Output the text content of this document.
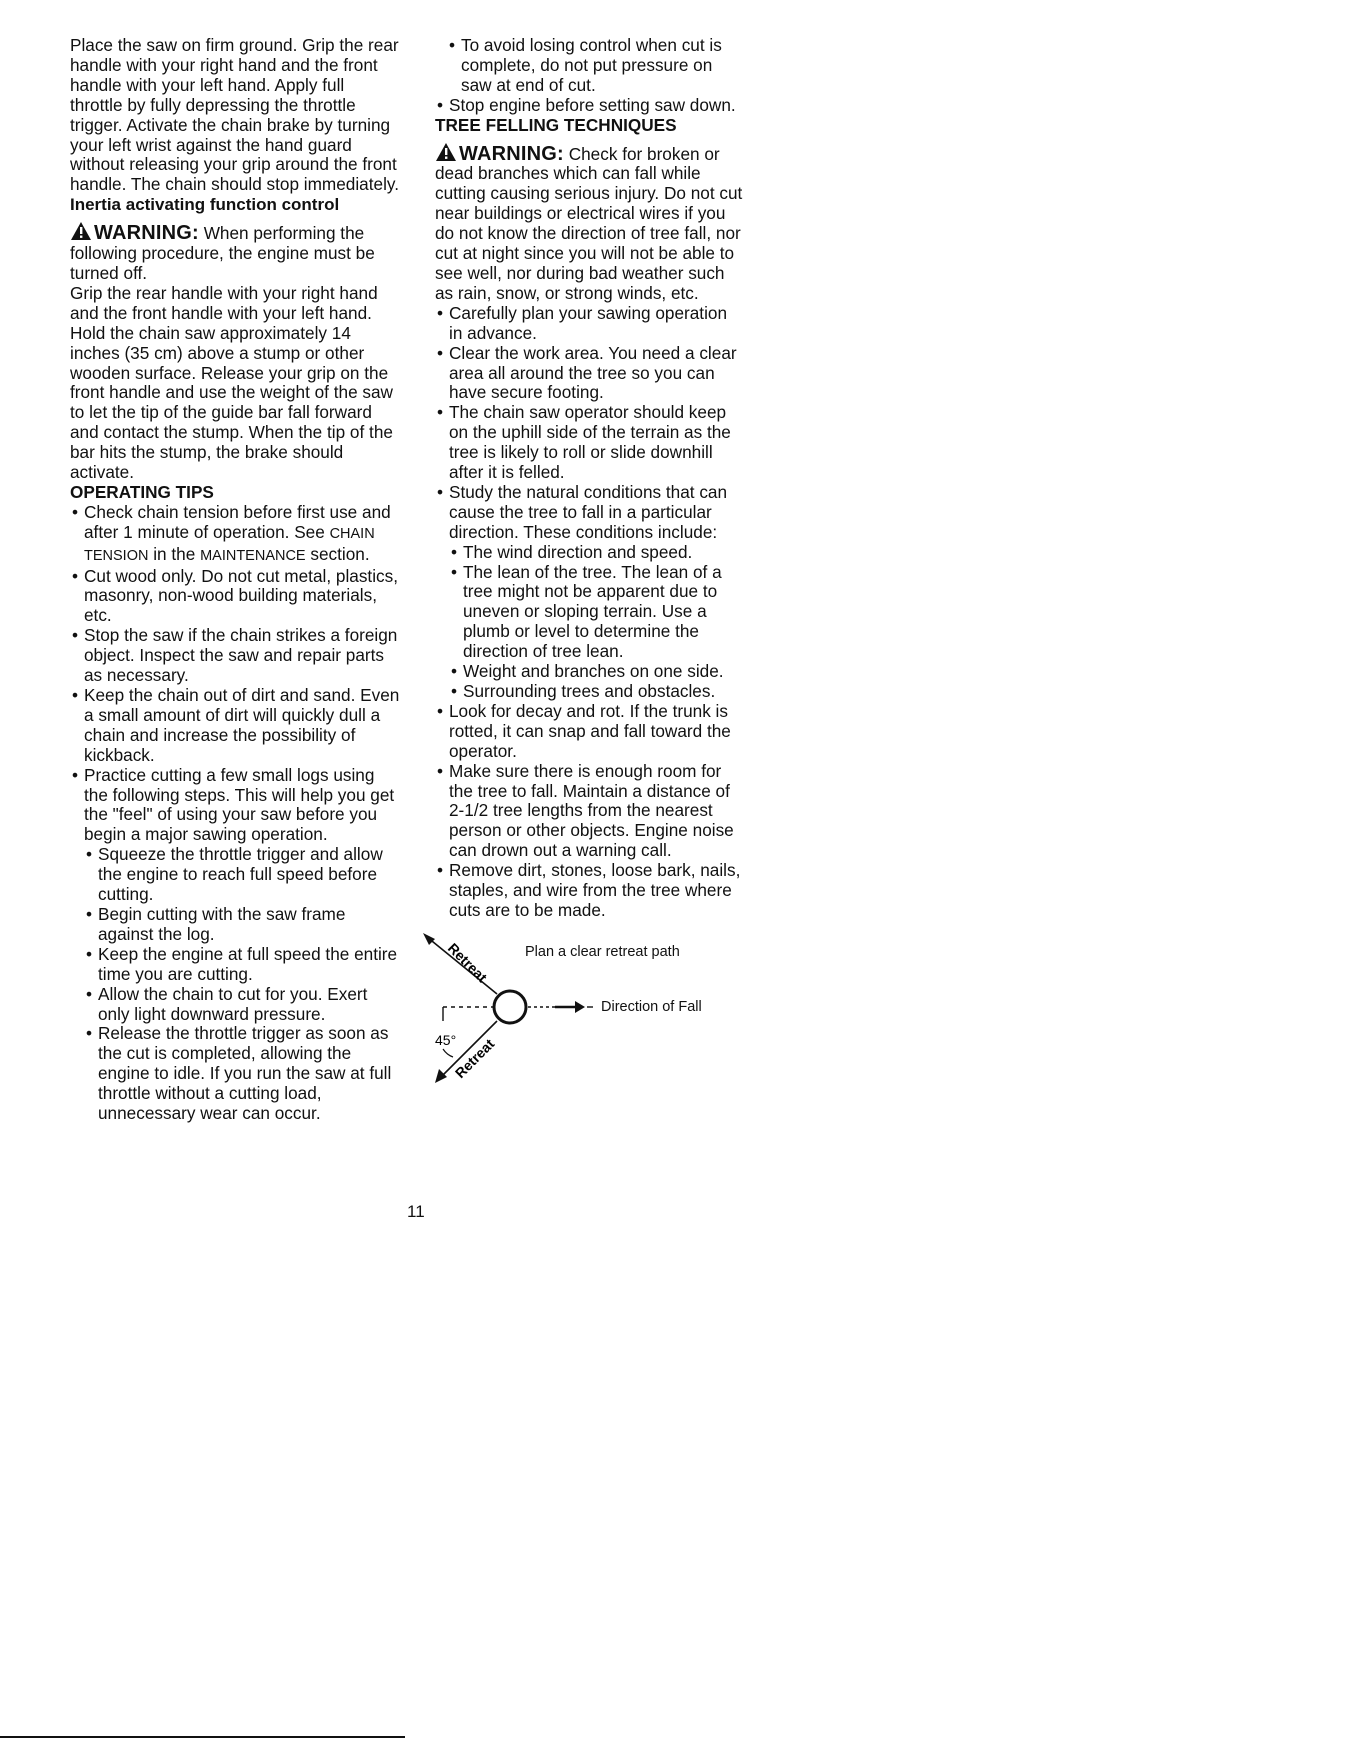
Place the saw on firm ground. Grip the rear handle with your right hand and the front handle with your left hand. Apply full throttle by fully depressing the throttle trigger. Activate the chain brake by turning your left wrist against the hand guard without releasing your grip around the front handle. The chain should stop immediately.

Inertia activating function control

WARNING: When performing the following procedure, the engine must be turned off.

Grip the rear handle with your right hand and the front handle with your left hand. Hold the chain saw approximately 14 inches (35 cm) above a stump or other wooden surface. Release your grip on the front handle and use the weight of the saw to let the tip of the guide bar fall forward and contact the stump. When the tip of the bar hits the stump, the brake should activate.

OPERATING TIPS

• Check chain tension before first use and after 1 minute of operation. See CHAIN TENSION in the MAINTENANCE section.
• Cut wood only. Do not cut metal, plastics, masonry, non-wood building materials, etc.
• Stop the saw if the chain strikes a foreign object. Inspect the saw and repair parts as necessary.
• Keep the chain out of dirt and sand. Even a small amount of dirt will quickly dull a chain and increase the possibility of kickback.
• Practice cutting a few small logs using the following steps. This will help you get the "feel" of using your saw before you begin a major sawing operation.
• Squeeze the throttle trigger and allow the engine to reach full speed before cutting.
• Begin cutting with the saw frame against the log.
• Keep the engine at full speed the entire time you are cutting.
• Allow the chain to cut for you. Exert only light downward pressure.
• Release the throttle trigger as soon as the cut is completed, allowing the engine to idle. If you run the saw at full throttle without a cutting load, unnecessary wear can occur.
• To avoid losing control when cut is complete, do not put pressure on saw at end of cut.
• Stop engine before setting saw down.

TREE FELLING TECHNIQUES

WARNING: Check for broken or dead branches which can fall while cutting causing serious injury. Do not cut near buildings or electrical wires if you do not know the direction of tree fall, nor cut at night since you will not be able to see well, nor during bad weather such as rain, snow, or strong winds, etc.
• Carefully plan your sawing operation in advance.
• Clear the work area. You need a clear area all around the tree so you can have secure footing.
• The chain saw operator should keep on the uphill side of the terrain as the tree is likely to roll or slide downhill after it is felled.
• Study the natural conditions that can cause the tree to fall in a particular direction. These conditions include:
• The wind direction and speed.
• The lean of the tree. The lean of a tree might not be apparent due to uneven or sloping terrain. Use a plumb or level to determine the direction of tree lean.
• Weight and branches on one side.
• Surrounding trees and obstacles.
• Look for decay and rot. If the trunk is rotted, it can snap and fall toward the operator.
• Make sure there is enough room for the tree to fall. Maintain a distance of 2-1/2 tree lengths from the nearest person or other objects. Engine noise can drown out a warning call.
• Remove dirt, stones, loose bark, nails, staples, and wire from the tree where cuts are to be made.
Retreat
Retreat
45°
Plan a clear retreat path
Direction of Fall
11
